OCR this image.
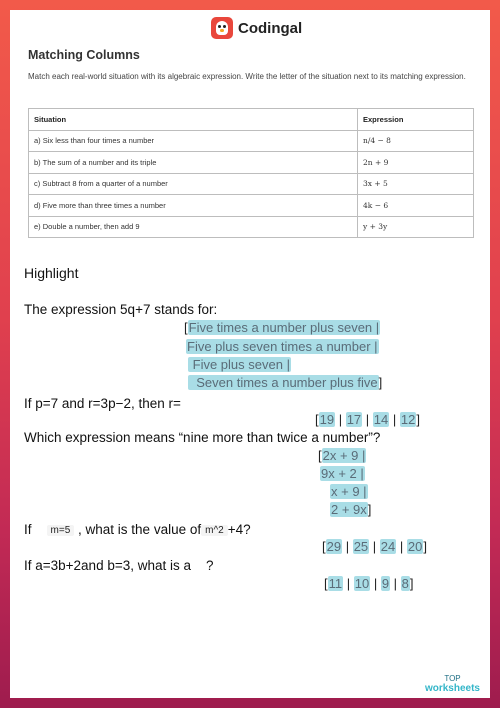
Codingal
Matching Columns
Match each real-world situation with its algebraic expression. Write the letter of the situation next to its matching expression.
Situation	Expression
a) Six less than four times a number	n/4 − 8
b) The sum of a number and its triple	2n + 9
c) Subtract 8 from a quarter of a number	3x + 5
d) Five more than three times a number	4k − 6
e) Double a number, then add 9	y + 3y
Highlight
The expression 5q+7 stands for:
[Five times a number plus seven |
Five plus seven times a number |
Five plus seven |
Seven times a number plus five]
If p=7 and r=3p−2, then r=
[19 | 17 | 14 | 12]
Which expression means “nine more than twice a number”?
[2x + 9 |
9x + 2 |
x + 9 |
2 + 9x]
If m=5 , what is the value of m^2 +4?
[29 | 25 | 24 | 20]
If a=3b+2and b=3, what is a ?
[11 | 10 | 9 | 8]
TOP
worksheets
